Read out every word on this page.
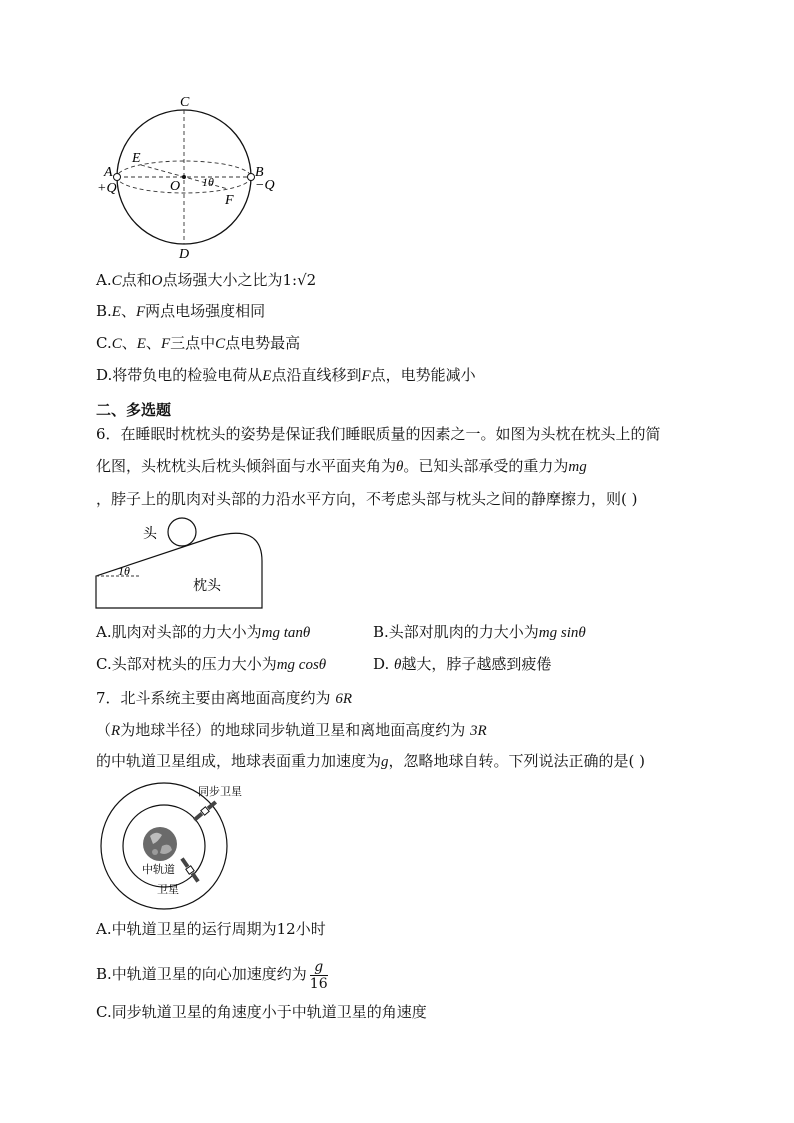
C
D
A
+Q
B
−Q
E
F
O 1θ
A.C点和O点场强大小之比为1:√2
B.E、F两点电场强度相同
C.C、E、F三点中C点电势最高
D.将带负电的检验电荷从E点沿直线移到F点，电势能减小
二、多选题
6．在睡眠时枕枕头的姿势是保证我们睡眠质量的因素之一。如图为头枕在枕头上的简
化图，头枕枕头后枕头倾斜面与水平面夹角为θ。已知头部承受的重力为mg
，脖子上的肌肉对头部的力沿水平方向，不考虑头部与枕头之间的静摩擦力，则( )
头
枕头
1θ
A.肌肉对头部的力大小为mg tanθ	B.头部对肌肉的力大小为mg sinθ
C.头部对枕头的压力大小为mg cosθ	D. θ越大，脖子越感到疲倦
7．北斗系统主要由离地面高度约为 6R
（R为地球半径）的地球同步轨道卫星和离地面高度约为 3R
的中轨道卫星组成，地球表面重力加速度为g，忽略地球自转。下列说法正确的是( )
同步卫星
中轨道
卫星
A.中轨道卫星的运行周期为12小时
B.中轨道卫星的向心加速度约为 $\frac{g}{16}$
C.同步轨道卫星的角速度小于中轨道卫星的角速度
